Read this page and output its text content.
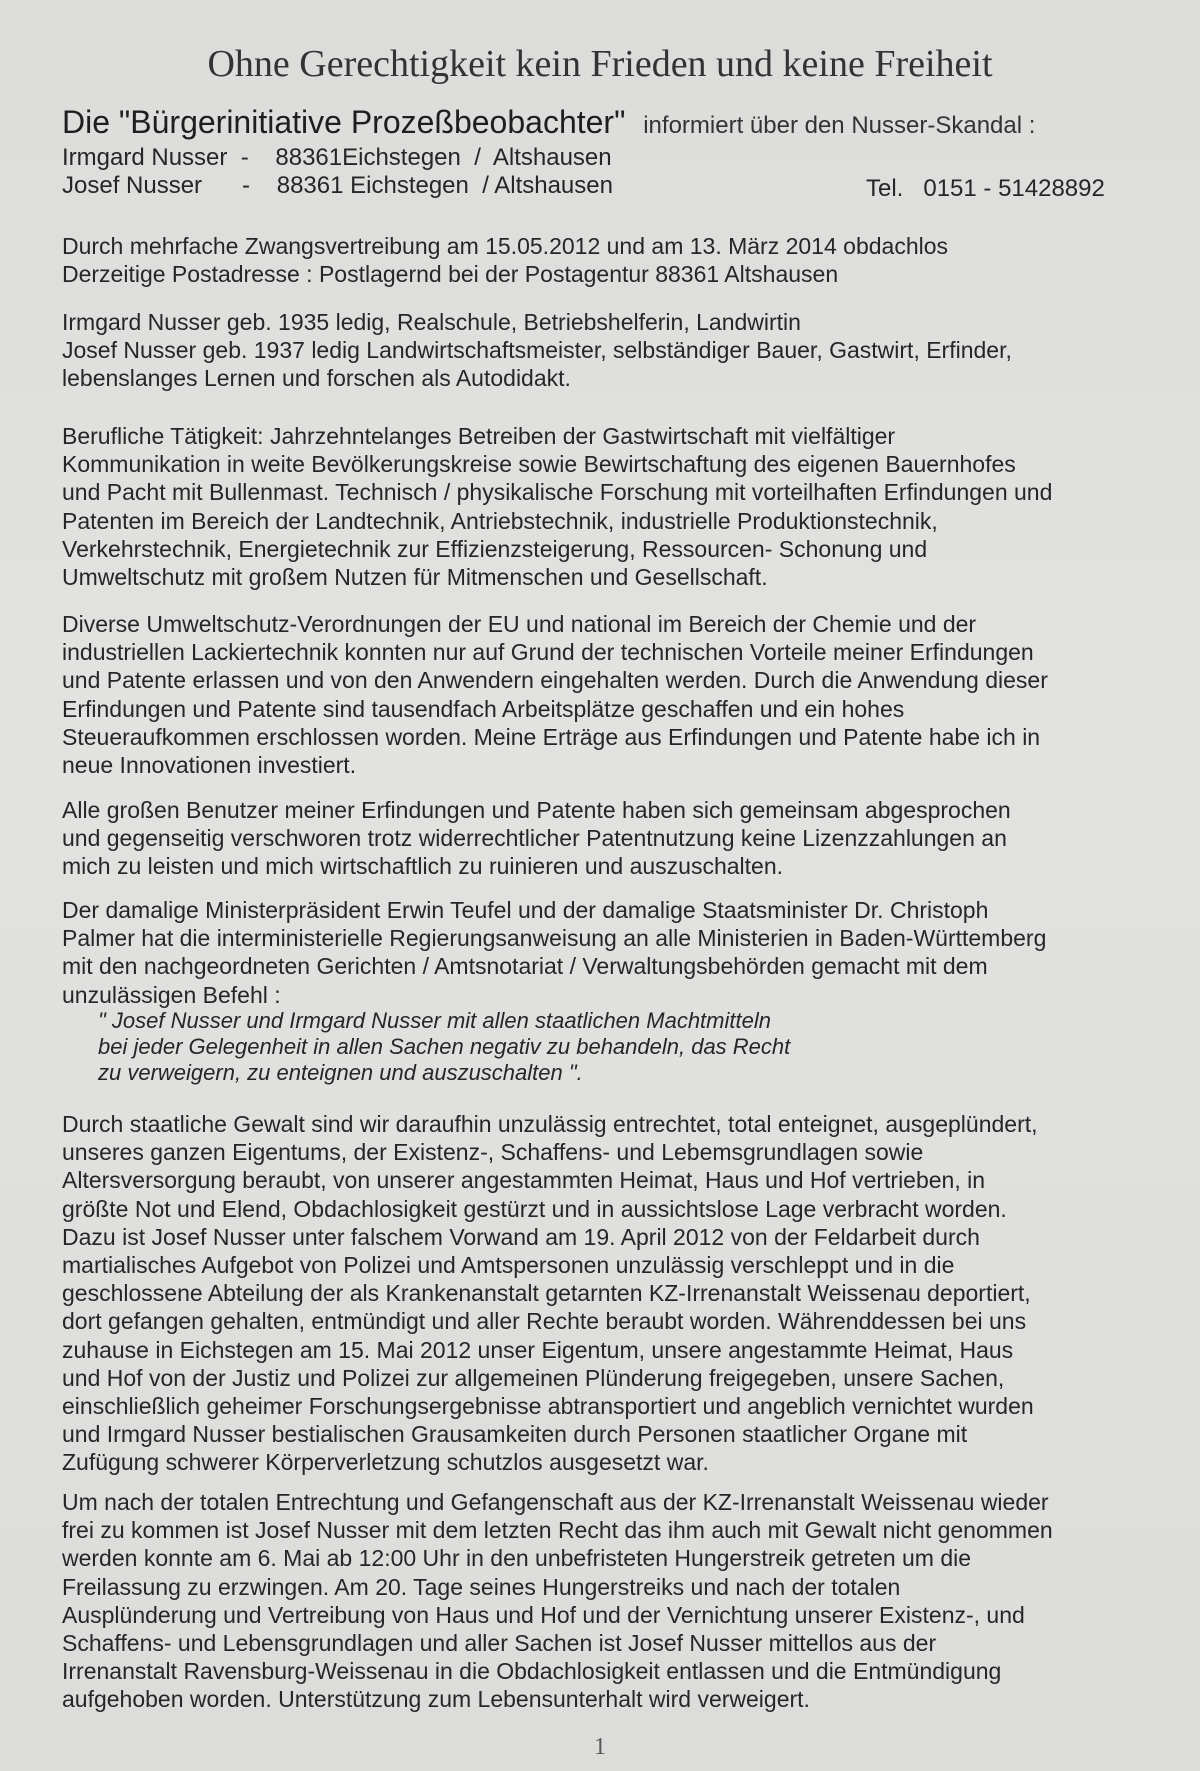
Ohne Gerechtigkeit kein Frieden und keine Freiheit
Die "Bürgerinitiative Prozeßbeobachter" informiert über den Nusser-Skandal :
Irmgard Nusser  -    88361Eichstegen  /  Altshausen
Josef Nusser      -    88361 Eichstegen  / Altshausen	Tel.   0151 - 51428892

Durch mehrfache Zwangsvertreibung am 15.05.2012 und am 13. März 2014 obdachlos
Derzeitige Postadresse : Postlagernd bei der Postagentur 88361 Altshausen

Irmgard Nusser geb. 1935 ledig, Realschule, Betriebshelferin, Landwirtin
Josef Nusser geb. 1937 ledig Landwirtschaftsmeister, selbständiger Bauer, Gastwirt, Erfinder,
lebenslanges Lernen und forschen als Autodidakt.

Berufliche Tätigkeit: Jahrzehntelanges Betreiben der Gastwirtschaft mit vielfältiger
Kommunikation in weite Bevölkerungskreise sowie Bewirtschaftung des eigenen Bauernhofes
und Pacht mit Bullenmast. Technisch / physikalische Forschung mit vorteilhaften Erfindungen und
Patenten im Bereich der Landtechnik, Antriebstechnik, industrielle Produktionstechnik,
Verkehrstechnik, Energietechnik zur Effizienzsteigerung, Ressourcen- Schonung und
Umweltschutz mit großem Nutzen für Mitmenschen und Gesellschaft.

Diverse Umweltschutz-Verordnungen der EU und national im Bereich der Chemie und der
industriellen Lackiertechnik konnten nur auf Grund der technischen Vorteile meiner Erfindungen
und Patente erlassen und von den Anwendern eingehalten werden. Durch die Anwendung dieser
Erfindungen und Patente sind tausendfach Arbeitsplätze geschaffen und ein hohes
Steueraufkommen erschlossen worden. Meine Erträge aus Erfindungen und Patente habe ich in
neue Innovationen investiert.

Alle großen Benutzer meiner Erfindungen und Patente haben sich gemeinsam abgesprochen
und gegenseitig verschworen trotz widerrechtlicher Patentnutzung keine Lizenzzahlungen an
mich zu leisten und mich wirtschaftlich zu ruinieren und auszuschalten.

Der damalige Ministerpräsident Erwin Teufel und der damalige Staatsminister Dr. Christoph
Palmer hat die interministerielle Regierungsanweisung an alle Ministerien in Baden-Württemberg
mit den nachgeordneten Gerichten / Amtsnotariat / Verwaltungsbehörden gemacht mit dem
unzulässigen Befehl :

" Josef Nusser und Irmgard Nusser mit allen staatlichen Machtmitteln
bei jeder Gelegenheit in allen Sachen negativ zu behandeln, das Recht
zu verweigern, zu enteignen und auszuschalten ".

Durch staatliche Gewalt sind wir daraufhin unzulässig entrechtet, total enteignet, ausgeplündert,
unseres ganzen Eigentums, der Existenz-, Schaffens- und Lebemsgrundlagen sowie
Altersversorgung beraubt, von unserer angestammten Heimat, Haus und Hof vertrieben, in
größte Not und Elend, Obdachlosigkeit gestürzt und in aussichtslose Lage verbracht worden.
Dazu ist Josef Nusser unter falschem Vorwand am 19. April 2012 von der Feldarbeit durch
martialisches Aufgebot von Polizei und Amtspersonen unzulässig verschleppt und in die
geschlossene Abteilung der als Krankenanstalt getarnten KZ-Irrenanstalt Weissenau deportiert,
dort gefangen gehalten, entmündigt und aller Rechte beraubt worden. Währenddessen bei uns
zuhause in Eichstegen am 15. Mai 2012 unser Eigentum, unsere angestammte Heimat, Haus
und Hof von der Justiz und Polizei zur allgemeinen Plünderung freigegeben, unsere Sachen,
einschließlich geheimer Forschungsergebnisse abtransportiert und angeblich vernichtet wurden
und Irmgard Nusser bestialischen Grausamkeiten durch Personen staatlicher Organe mit
Zufügung schwerer Körperverletzung schutzlos ausgesetzt war.

Um nach der totalen Entrechtung und Gefangenschaft aus der KZ-Irrenanstalt Weissenau wieder
frei zu kommen ist Josef Nusser mit dem letzten Recht das ihm auch mit Gewalt nicht genommen
werden konnte am 6. Mai ab 12:00 Uhr in den unbefristeten Hungerstreik getreten um die
Freilassung zu erzwingen. Am 20. Tage seines Hungerstreiks und nach der totalen
Ausplünderung und Vertreibung von Haus und Hof und der Vernichtung unserer Existenz-, und
Schaffens- und Lebensgrundlagen und aller Sachen ist Josef Nusser mittellos aus der
Irrenanstalt Ravensburg-Weissenau in die Obdachlosigkeit entlassen und die Entmündigung
aufgehoben worden. Unterstützung zum Lebensunterhalt wird verweigert.

1
